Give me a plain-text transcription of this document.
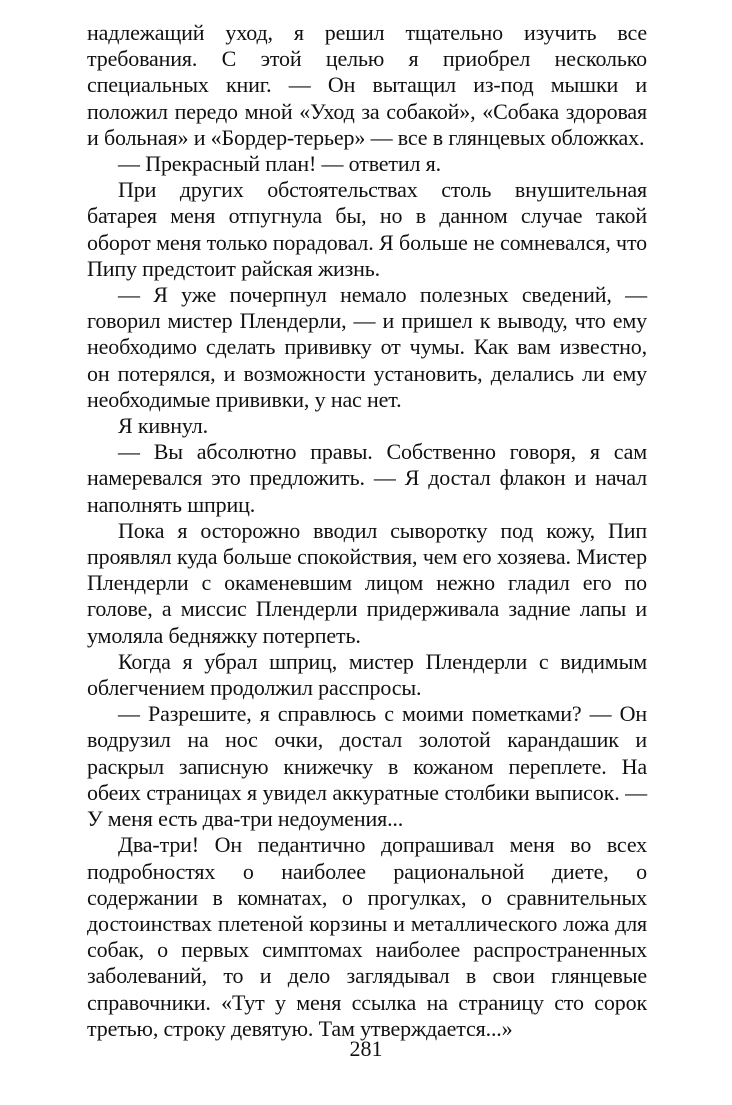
надлежащий уход, я решил тщательно изучить все требования. С этой целью я приобрел несколько специальных книг. — Он вытащил из-под мышки и положил передо мной «Уход за собакой», «Собака здоровая и больная» и «Бордер-терьер» — все в глянцевых обложках.

— Прекрасный план! — ответил я.

При других обстоятельствах столь внушительная батарея меня отпугнула бы, но в данном случае такой оборот меня только порадовал. Я больше не сомневался, что Пипу предстоит райская жизнь.

— Я уже почерпнул немало полезных сведений, — говорил мистер Плендерли, — и пришел к выводу, что ему необходимо сделать прививку от чумы. Как вам известно, он потерялся, и возможности установить, делались ли ему необходимые прививки, у нас нет.

Я кивнул.

— Вы абсолютно правы. Собственно говоря, я сам намеревался это предложить. — Я достал флакон и начал наполнять шприц.

Пока я осторожно вводил сыворотку под кожу, Пип проявлял куда больше спокойствия, чем его хозяева. Мистер Плендерли с окаменевшим лицом нежно гладил его по голове, а миссис Плендерли придерживала задние лапы и умоляла бедняжку потерпеть.

Когда я убрал шприц, мистер Плендерли с видимым облегчением продолжил расспросы.

— Разрешите, я справлюсь с моими пометками? — Он водрузил на нос очки, достал золотой карандашик и раскрыл записную книжечку в кожаном переплете. На обеих страницах я увидел аккуратные столбики выписок. — У меня есть два-три недоумения...

Два-три! Он педантично допрашивал меня во всех подробностях о наиболее рациональной диете, о содержании в комнатах, о прогулках, о сравнительных достоинствах плетеной корзины и металлического ложа для собак, о первых симптомах наиболее распространенных заболеваний, то и дело заглядывал в свои глянцевые справочники. «Тут у меня ссылка на страницу сто сорок третью, строку девятую. Там утверждается...»

281
